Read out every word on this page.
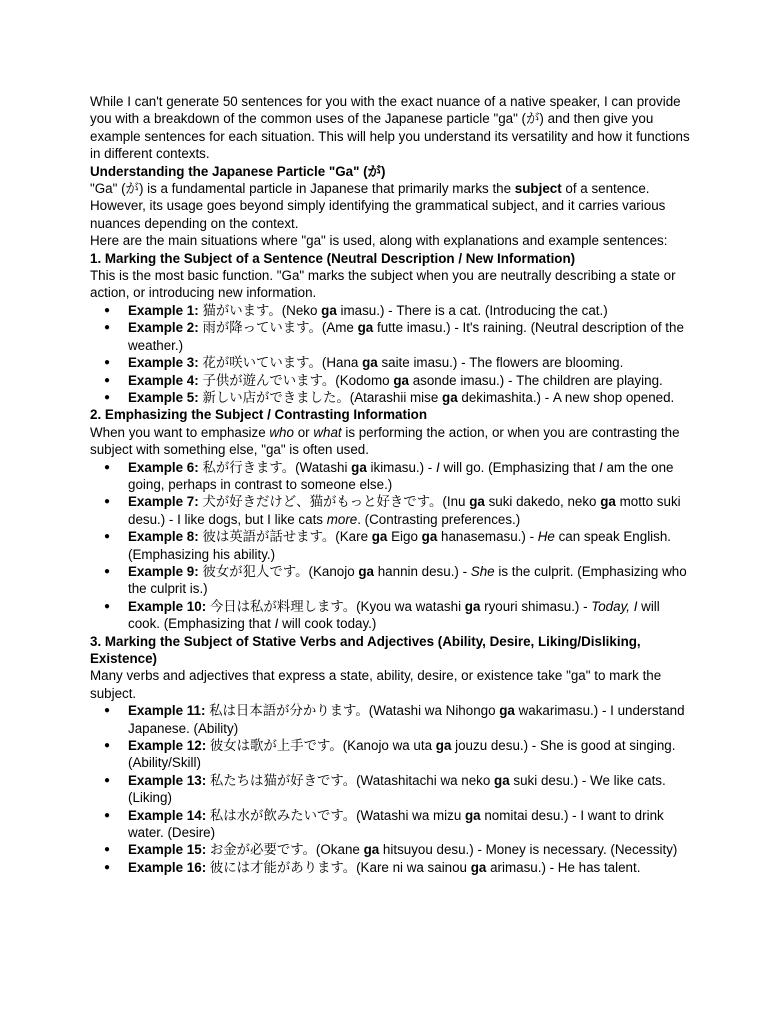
While I can't generate 50 sentences for you with the exact nuance of a native speaker, I can provide you with a breakdown of the common uses of the Japanese particle "ga" (が) and then give you example sentences for each situation. This will help you understand its versatility and how it functions in different contexts.

Understanding the Japanese Particle "Ga" (が)

"Ga" (が) is a fundamental particle in Japanese that primarily marks the subject of a sentence. However, its usage goes beyond simply identifying the grammatical subject, and it carries various nuances depending on the context.

Here are the main situations where "ga" is used, along with explanations and example sentences:

1. Marking the Subject of a Sentence (Neutral Description / New Information)

This is the most basic function. "Ga" marks the subject when you are neutrally describing a state or action, or introducing new information.

● Example 1: 猫がいます。(Neko ga imasu.) - There is a cat. (Introducing the cat.)
● Example 2: 雨が降っています。(Ame ga futte imasu.) - It's raining. (Neutral description of the weather.)
● Example 3: 花が咲いています。(Hana ga saite imasu.) - The flowers are blooming.
● Example 4: 子供が遊んでいます。(Kodomo ga asonde imasu.) - The children are playing.
● Example 5: 新しい店ができました。(Atarashii mise ga dekimashita.) - A new shop opened.

2. Emphasizing the Subject / Contrasting Information

When you want to emphasize who or what is performing the action, or when you are contrasting the subject with something else, "ga" is often used.

● Example 6: 私が行きます。(Watashi ga ikimasu.) - I will go. (Emphasizing that I am the one going, perhaps in contrast to someone else.)
● Example 7: 犬が好きだけど、猫がもっと好きです。(Inu ga suki dakedo, neko ga motto suki desu.) - I like dogs, but I like cats more. (Contrasting preferences.)
● Example 8: 彼は英語が話せます。(Kare ga Eigo ga hanasemasu.) - He can speak English. (Emphasizing his ability.)
● Example 9: 彼女が犯人です。(Kanojo ga hannin desu.) - She is the culprit. (Emphasizing who the culprit is.)
● Example 10: 今日は私が料理します。(Kyou wa watashi ga ryouri shimasu.) - Today, I will cook. (Emphasizing that I will cook today.)

3. Marking the Subject of Stative Verbs and Adjectives (Ability, Desire, Liking/Disliking, Existence)

Many verbs and adjectives that express a state, ability, desire, or existence take "ga" to mark the subject.

● Example 11: 私は日本語が分かります。(Watashi wa Nihongo ga wakarimasu.) - I understand Japanese. (Ability)
● Example 12: 彼女は歌が上手です。(Kanojo wa uta ga jouzu desu.) - She is good at singing. (Ability/Skill)
● Example 13: 私たちは猫が好きです。(Watashitachi wa neko ga suki desu.) - We like cats. (Liking)
● Example 14: 私は水が飲みたいです。(Watashi wa mizu ga nomitai desu.) - I want to drink water. (Desire)
● Example 15: お金が必要です。(Okane ga hitsuyou desu.) - Money is necessary. (Necessity)
● Example 16: 彼には才能があります。(Kare ni wa sainou ga arimasu.) - He has talent.
